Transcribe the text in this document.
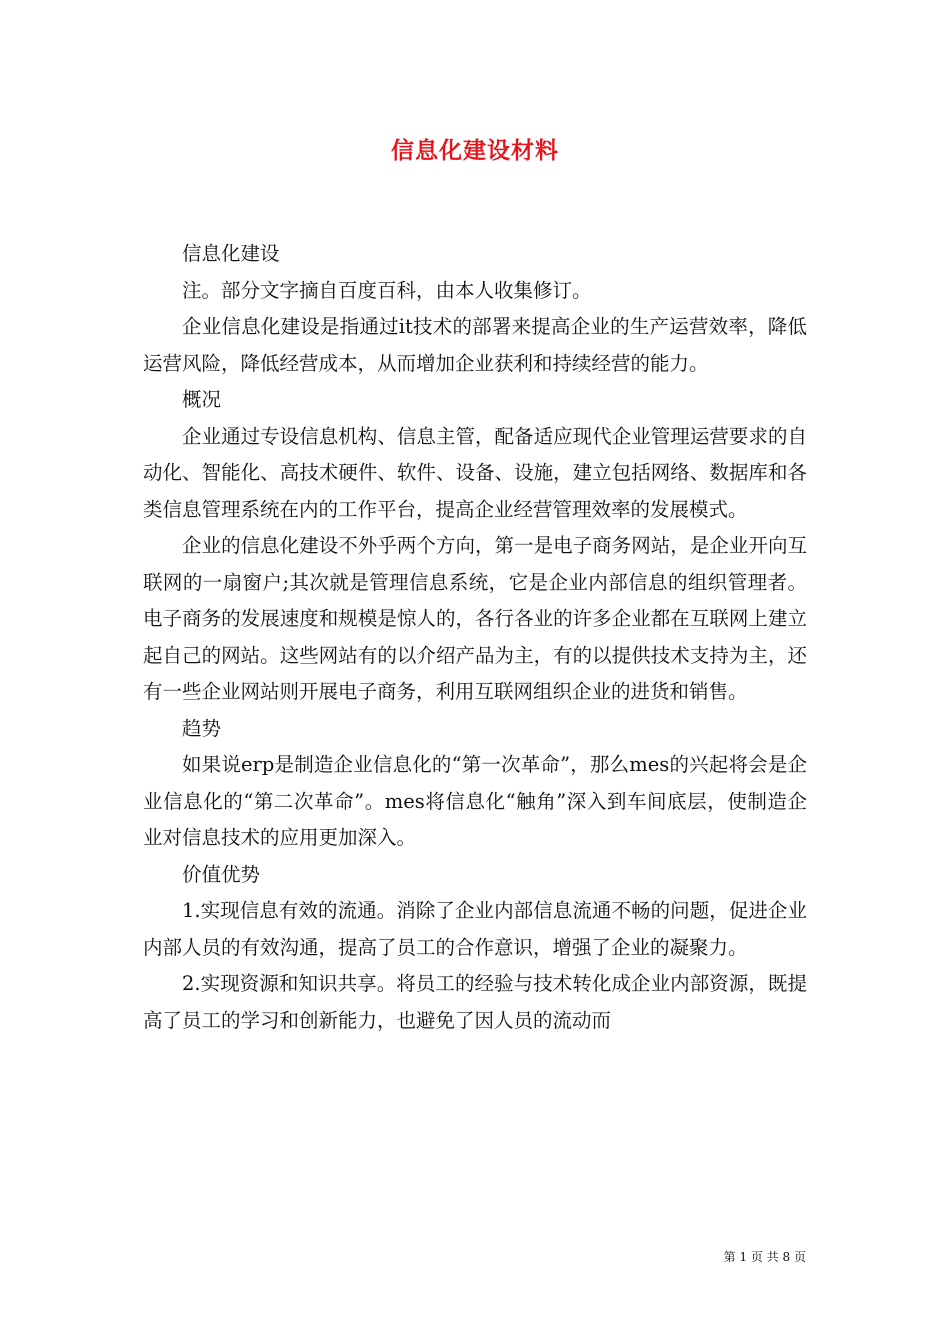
信息化建设材料

信息化建设

注。部分文字摘自百度百科，由本人收集修订。

企业信息化建设是指通过it技术的部署来提高企业的生产运营效率，降低运营风险，降低经营成本，从而增加企业获利和持续经营的能力。

概况

企业通过专设信息机构、信息主管，配备适应现代企业管理运营要求的自动化、智能化、高技术硬件、软件、设备、设施，建立包括网络、数据库和各类信息管理系统在内的工作平台，提高企业经营管理效率的发展模式。

企业的信息化建设不外乎两个方向，第一是电子商务网站，是企业开向互联网的一扇窗户;其次就是管理信息系统，它是企业内部信息的组织管理者。电子商务的发展速度和规模是惊人的，各行各业的许多企业都在互联网上建立起自己的网站。这些网站有的以介绍产品为主，有的以提供技术支持为主，还有一些企业网站则开展电子商务，利用互联网组织企业的进货和销售。

趋势

如果说erp是制造企业信息化的“第一次革命”，那么mes的兴起将会是企业信息化的“第二次革命”。mes将信息化“触角”深入到车间底层，使制造企业对信息技术的应用更加深入。

价值优势

1.实现信息有效的流通。消除了企业内部信息流通不畅的问题，促进企业内部人员的有效沟通，提高了员工的合作意识，增强了企业的凝聚力。

2.实现资源和知识共享。将员工的经验与技术转化成企业内部资源，既提高了员工的学习和创新能力，也避免了因人员的流动而

第 1 页 共 8 页
